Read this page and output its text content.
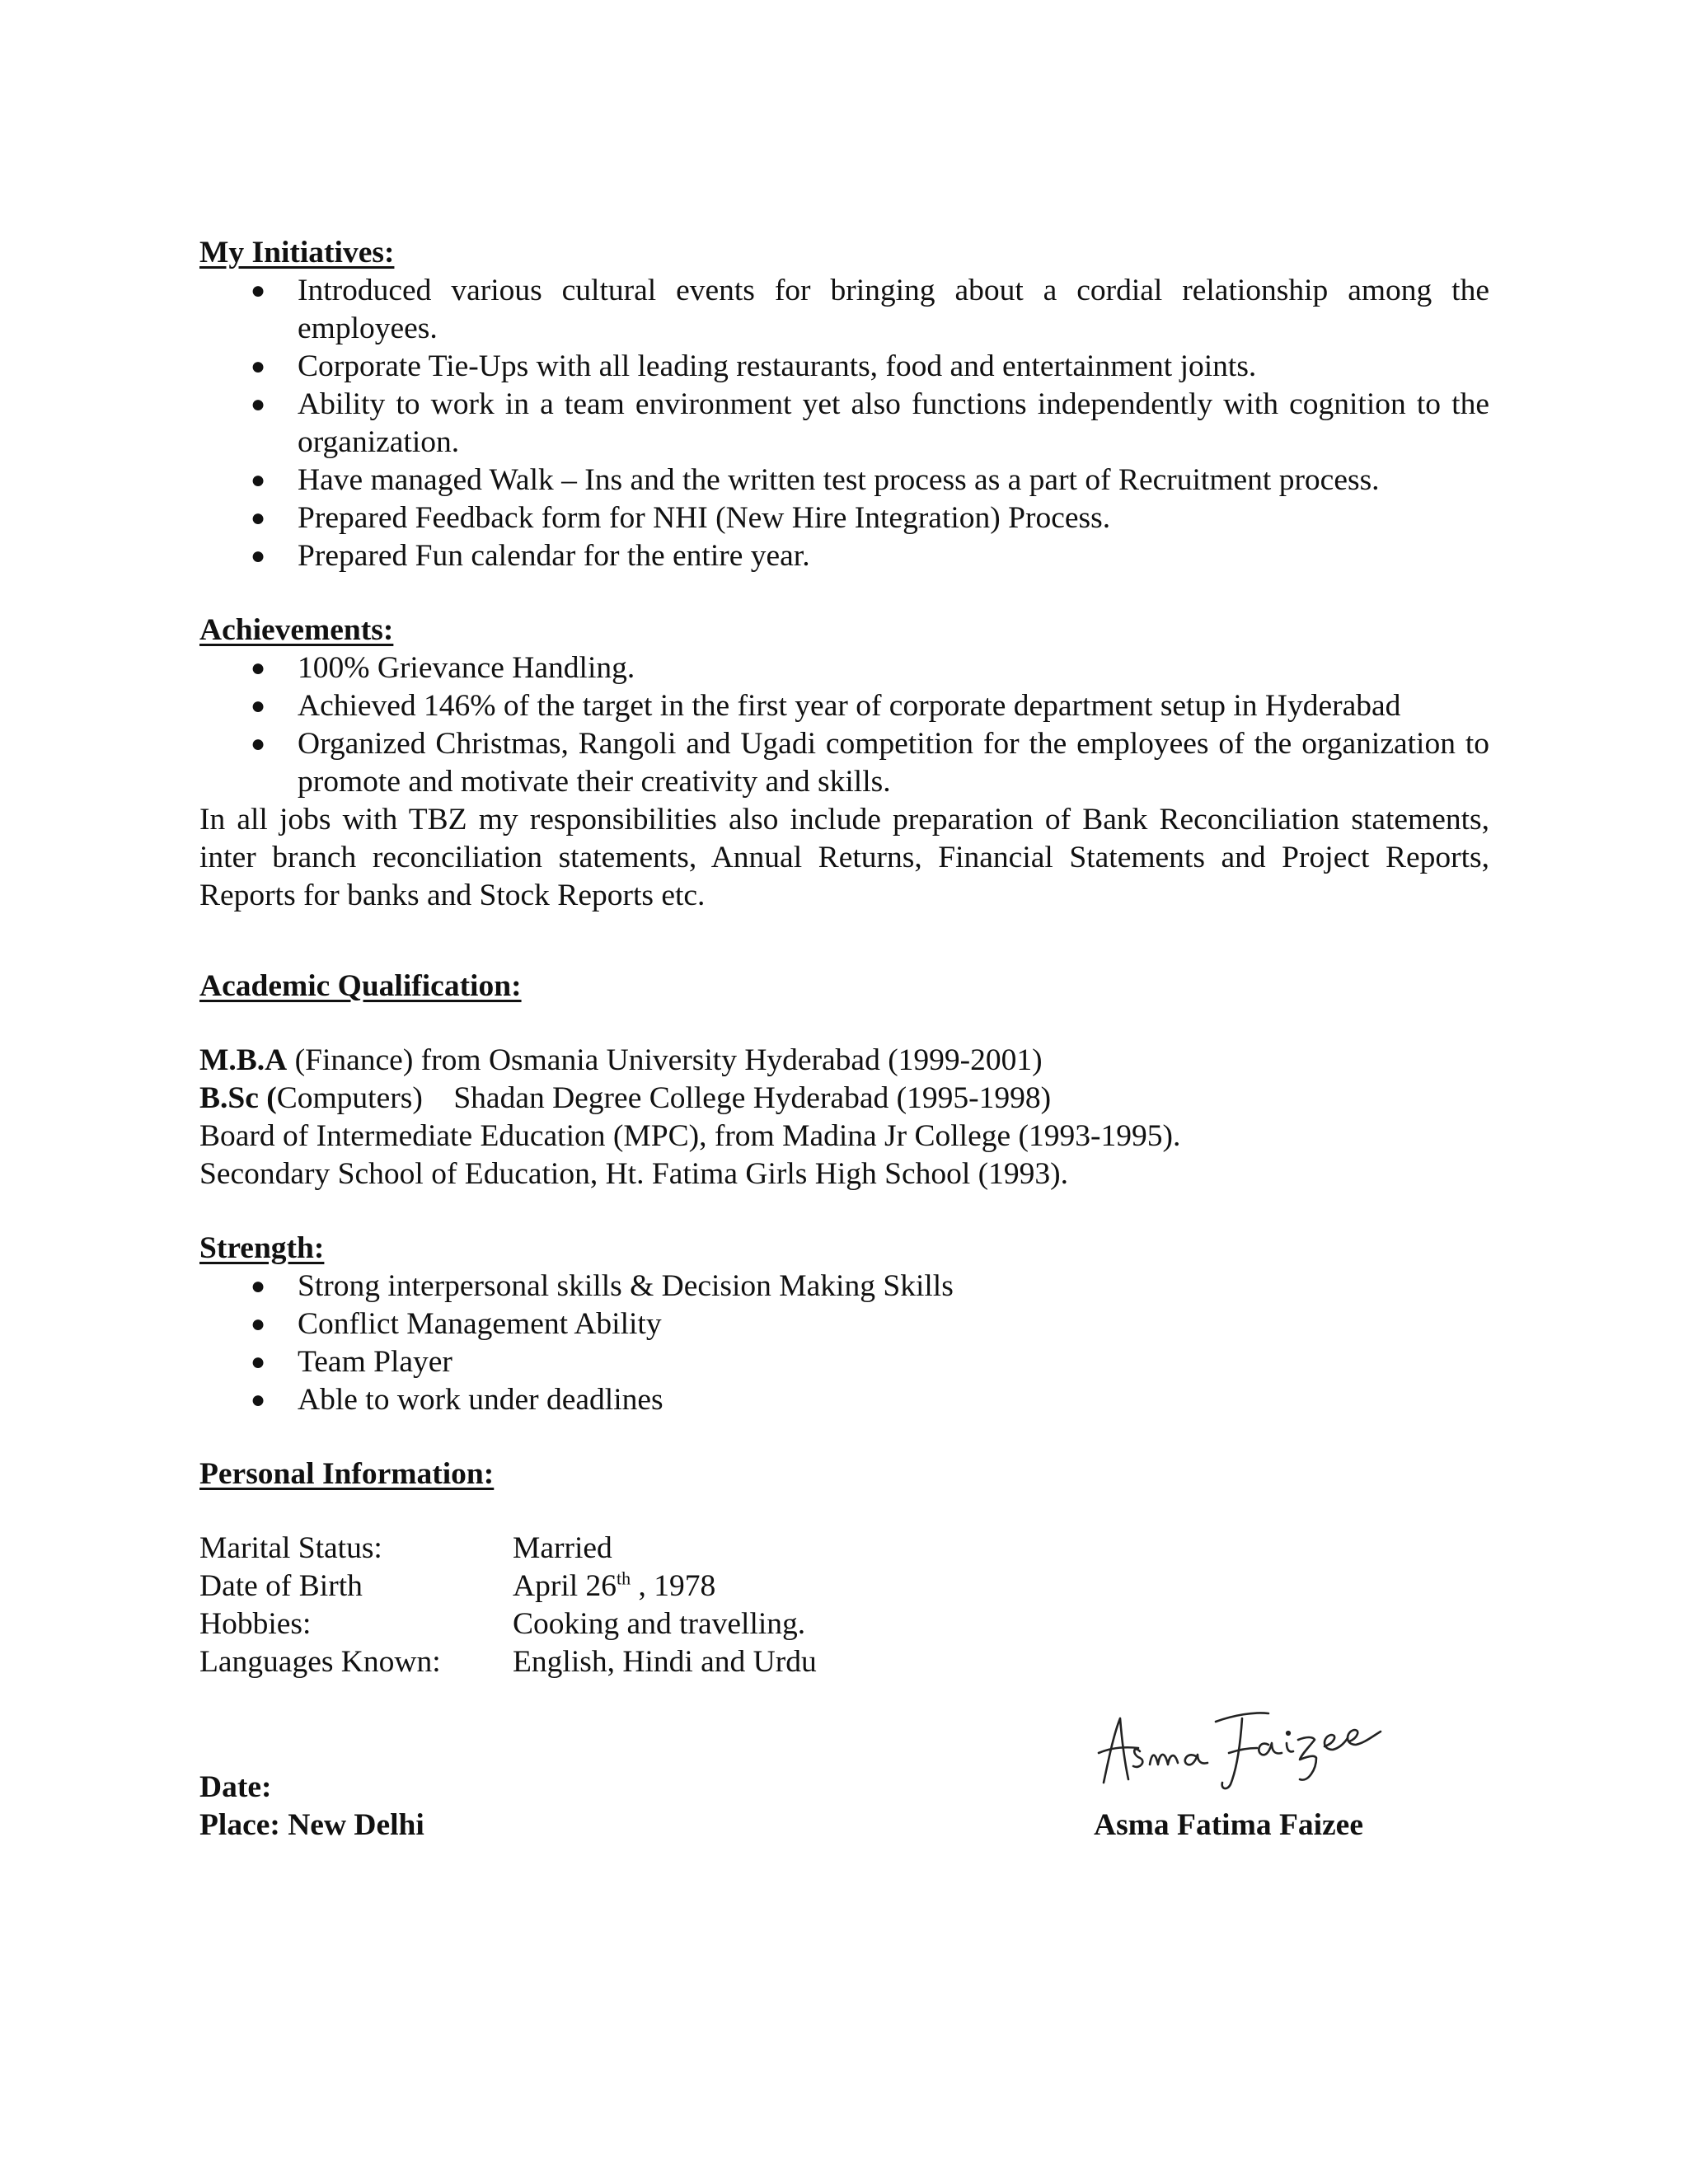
My Initiatives:

● Introduced various cultural events for bringing about a cordial relationship among the employees.
● Corporate Tie-Ups with all leading restaurants, food and entertainment joints.
● Ability to work in a team environment yet also functions independently with cognition to the organization.
● Have managed Walk – Ins and the written test process as a part of Recruitment process.
● Prepared Feedback form for NHI (New Hire Integration) Process.
● Prepared Fun calendar for the entire year.

Achievements:

● 100% Grievance Handling.
● Achieved 146% of the target in the first year of corporate department setup in Hyderabad
● Organized Christmas, Rangoli and Ugadi competition for the employees of the organization to promote and motivate their creativity and skills.

In all jobs with TBZ my responsibilities also include preparation of Bank Reconciliation statements, inter branch reconciliation statements, Annual Returns, Financial Statements and Project Reports, Reports for banks and Stock Reports etc.

Academic Qualification:

M.B.A (Finance) from Osmania University Hyderabad (1999-2001)

B.Sc (Computers)    Shadan Degree College Hyderabad (1995-1998)

Board of Intermediate Education (MPC), from Madina Jr College (1993-1995).

Secondary School of Education, Ht. Fatima Girls High School (1993).

Strength:

● Strong interpersonal skills & Decision Making Skills
● Conflict Management Ability
● Team Player
● Able to work under deadlines

Personal Information:

Marital Status:	Married
Date of Birth	April 26th , 1978
Hobbies:	Cooking and travelling.
Languages Known:	English, Hindi and Urdu
Date:
Place: New Delhi	Asma Fatima Faizee
